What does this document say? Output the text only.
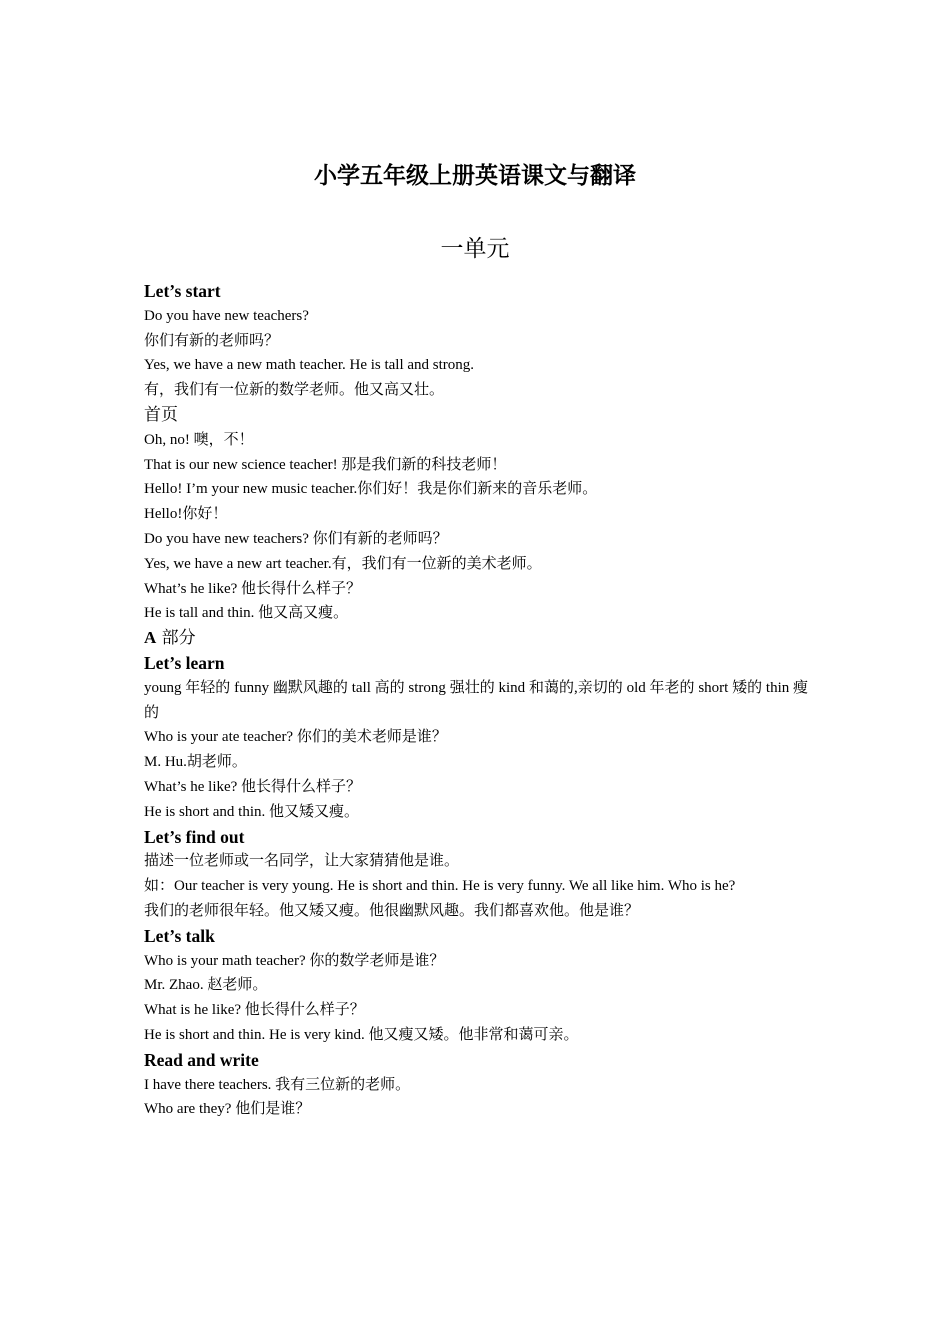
小学五年级上册英语课文与翻译
一单元

Let’s start

Do you have new teachers?

你们有新的老师吗？

Yes, we have a new math teacher. He is tall and strong.

有，我们有一位新的数学老师。他又高又壮。

首页

Oh, no! 噢，不！

That is our new science teacher! 那是我们新的科技老师！

Hello! I’m your new music teacher.你们好！我是你们新来的音乐老师。

Hello!你好！

Do you have new teachers? 你们有新的老师吗？

Yes, we have a new art teacher.有，我们有一位新的美术老师。

What’s he like? 他长得什么样子？

He is tall and thin. 他又高又瘦。

A 部分

Let’s learn

young 年轻的 funny 幽默风趣的 tall 高的 strong 强壮的 kind 和蔼的,亲切的 old 年老的 short 矮的 thin 瘦的

Who is your ate teacher? 你们的美术老师是谁？

M. Hu.胡老师。

What’s he like? 他长得什么样子？

He is short and thin. 他又矮又瘦。

Let’s find out

描述一位老师或一名同学，让大家猜猜他是谁。

如：Our teacher is very young. He is short and thin. He is very funny. We all like him. Who is he?

我们的老师很年轻。他又矮又瘦。他很幽默风趣。我们都喜欢他。他是谁？

Let’s talk

Who is your math teacher? 你的数学老师是谁？

Mr. Zhao. 赵老师。

What is he like? 他长得什么样子？

He is short and thin. He is very kind. 他又瘦又矮。他非常和蔼可亲。

Read and write

I have there teachers. 我有三位新的老师。

Who are they? 他们是谁？
